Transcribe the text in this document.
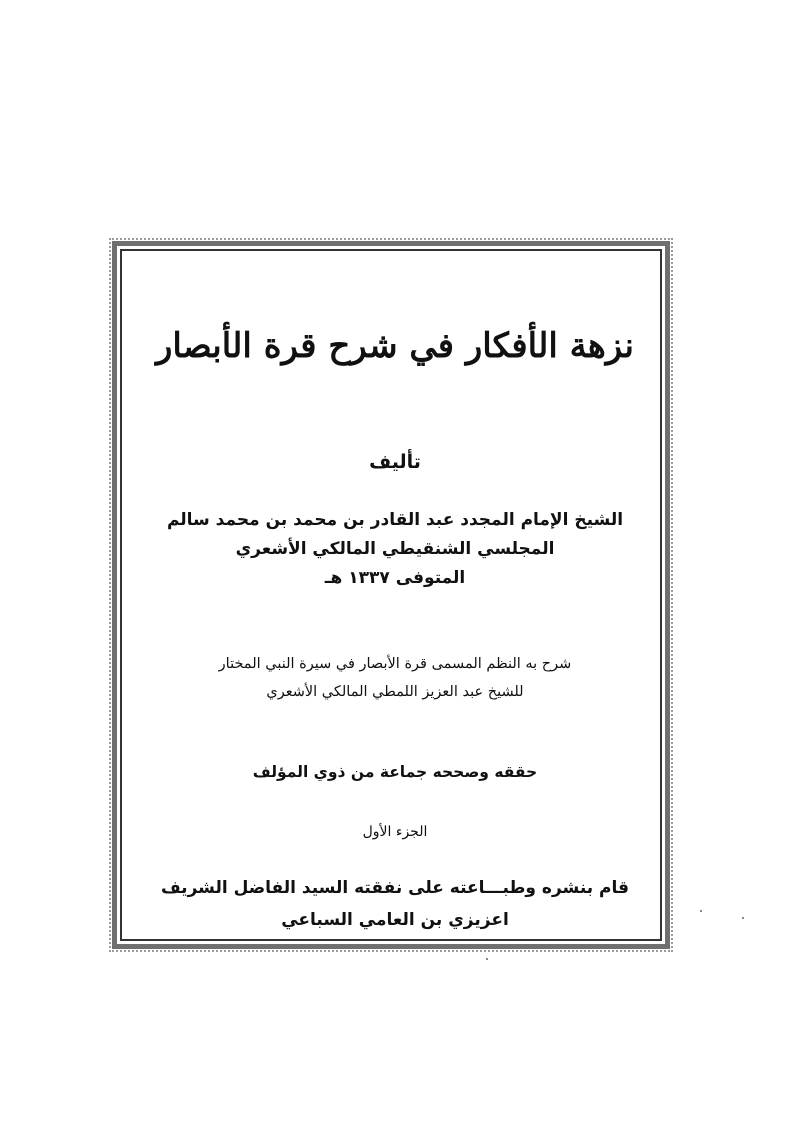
نزهة الأفكار في شرح قرة الأبصار
تأليف
الشيخ الإمام المجدد عبد القادر بن محمد بن محمد سالم
المجلسي الشنقيطي المالكي الأشعري
المتوفى ١٣٣٧ هـ
شرح به النظم المسمى قرة الأبصار في سيرة النبي المختار
للشيخ عبد العزيز اللمطي المالكي الأشعري
حققه وصححه جماعة من ذوي المؤلف
الجزء الأول
قام بنشره وطبـــاعته على نفقته السيد الفاضل الشريف
اعزيزي بن العامي السباعي
